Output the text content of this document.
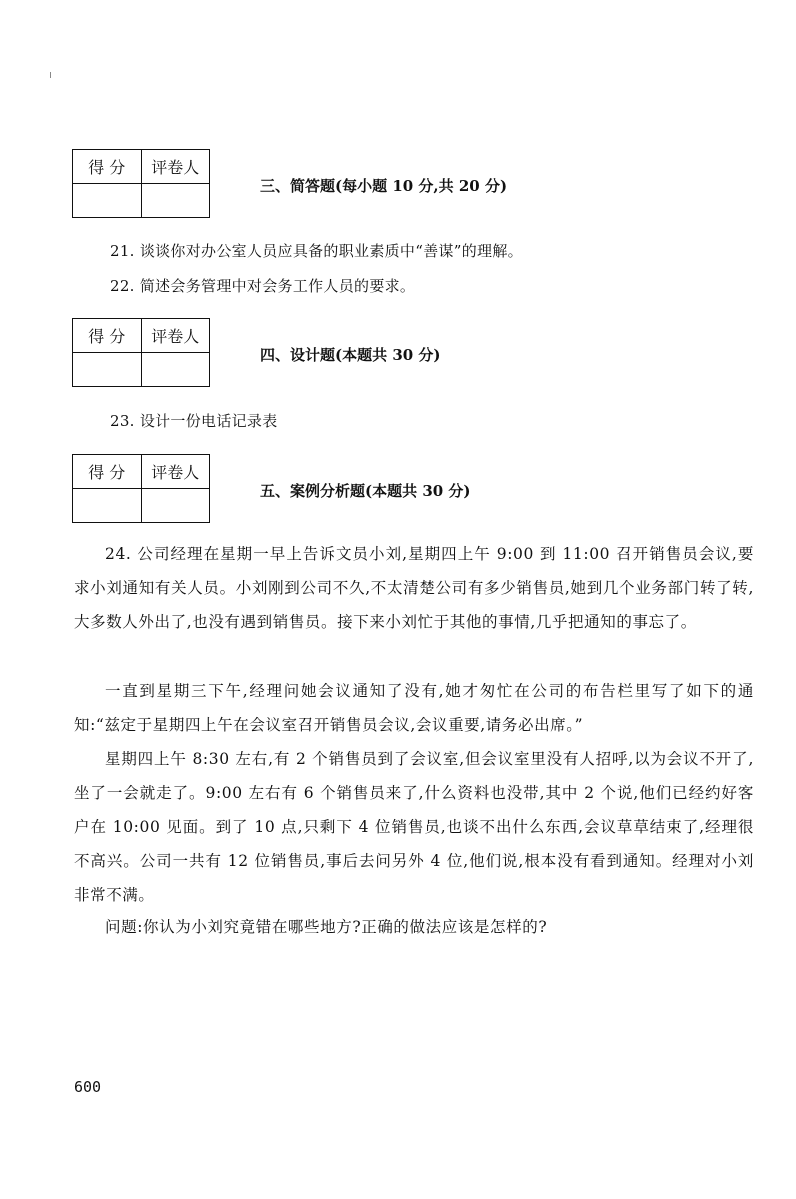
得 分	评卷人

三、简答题(每小题 10 分,共 20 分)
21. 谈谈你对办公室人员应具备的职业素质中“善谋”的理解。
22. 简述会务管理中对会务工作人员的要求。
得 分	评卷人

四、设计题(本题共 30 分)
23. 设计一份电话记录表
得 分	评卷人

五、案例分析题(本题共 30 分)

24. 公司经理在星期一早上告诉文员小刘,星期四上午 9:00 到 11:00 召开销售员会议,要求小刘通知有关人员。小刘刚到公司不久,不太清楚公司有多少销售员,她到几个业务部门转了转,大多数人外出了,也没有遇到销售员。接下来小刘忙于其他的事情,几乎把通知的事忘了。

一直到星期三下午,经理问她会议通知了没有,她才匆忙在公司的布告栏里写了如下的通知:“兹定于星期四上午在会议室召开销售员会议,会议重要,请务必出席。”

星期四上午 8:30 左右,有 2 个销售员到了会议室,但会议室里没有人招呼,以为会议不开了,坐了一会就走了。9:00 左右有 6 个销售员来了,什么资料也没带,其中 2 个说,他们已经约好客户在 10:00 见面。到了 10 点,只剩下 4 位销售员,也谈不出什么东西,会议草草结束了,经理很不高兴。公司一共有 12 位销售员,事后去问另外 4 位,他们说,根本没有看到通知。经理对小刘非常不满。

问题:你认为小刘究竟错在哪些地方?正确的做法应该是怎样的?

600
